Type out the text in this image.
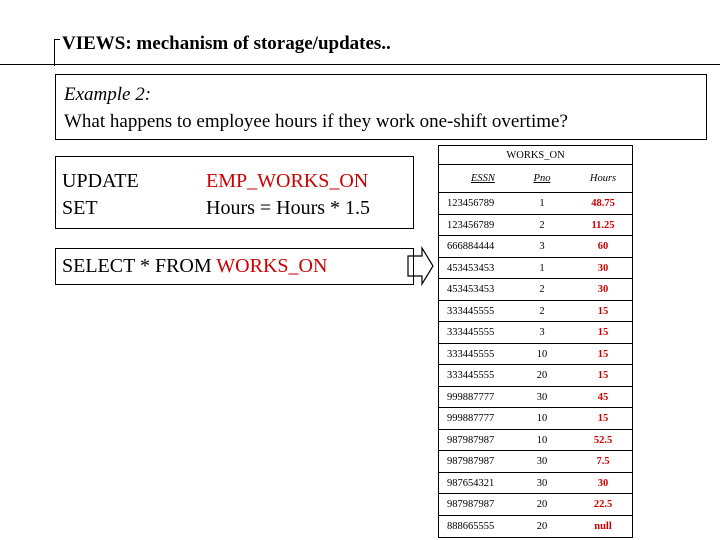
VIEWS: mechanism of storage/updates..
Example 2:
What happens to employee hours if they work one-shift overtime?
UPDATE
SET
EMP_WORKS_ON
Hours = Hours * 1.5
SELECT * FROM WORKS_ON
WORKS_ON
ESSN	Pno	Hours
123456789	1	48.75
123456789	2	11.25
666884444	3	60
453453453	1	30
453453453	2	30
333445555	2	15
333445555	3	15
333445555	10	15
333445555	20	15
999887777	30	45
999887777	10	15
987987987	10	52.5
987987987	30	7.5
987654321	30	30
987987987	20	22.5
888665555	20	null
